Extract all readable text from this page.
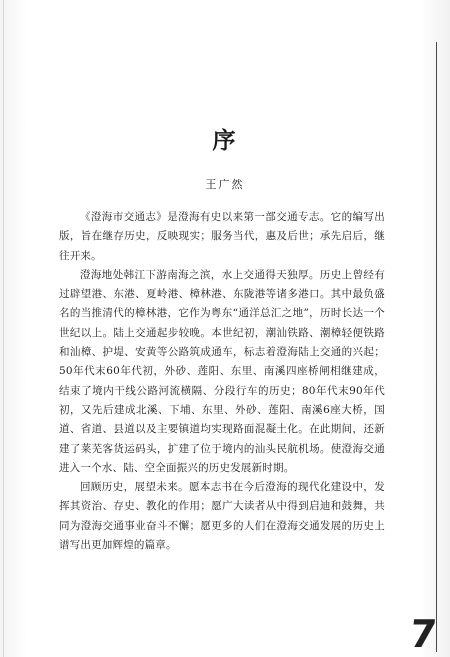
序
王广然

《澄海市交通志》是澄海有史以来第一部交通专志。它的编写出版，旨在继存历史，反映现实；服务当代，惠及后世；承先启后，继往开来。

澄海地处韩江下游南海之滨，水上交通得天独厚。历史上曾经有过辟望港、东港、夏岭港、樟林港、东陇港等诸多港口。其中最负盛名的当推清代的樟林港，它作为粤东“通洋总汇之地”，历时长达一个世纪以上。陆上交通起步较晚。本世纪初，潮汕铁路、潮樟轻便铁路和汕樟、护堤、安黄等公路筑成通车，标志着澄海陆上交通的兴起；50年代末60年代初，外砂、莲阳、东里、南溪四座桥闸相继建成，结束了境内干线公路河流横隔、分段行车的历史；80年代末90年代初，又先后建成北溪、下埔、东里、外砂、莲阳、南溪6座大桥，国道、省道、县道以及主要镇道均实现路面混凝土化。在此期间，还新建了莱芜客货运码头，扩建了位于境内的汕头民航机场。使澄海交通进入一个水、陆、空全面振兴的历史发展新时期。

回顾历史，展望未来。愿本志书在今后澄海的现代化建设中，发挥其资治、存史、教化的作用；愿广大读者从中得到启迪和鼓舞，共同为澄海交通事业奋斗不懈；愿更多的人们在澄海交通发展的历史上谱写出更加辉煌的篇章。

7
